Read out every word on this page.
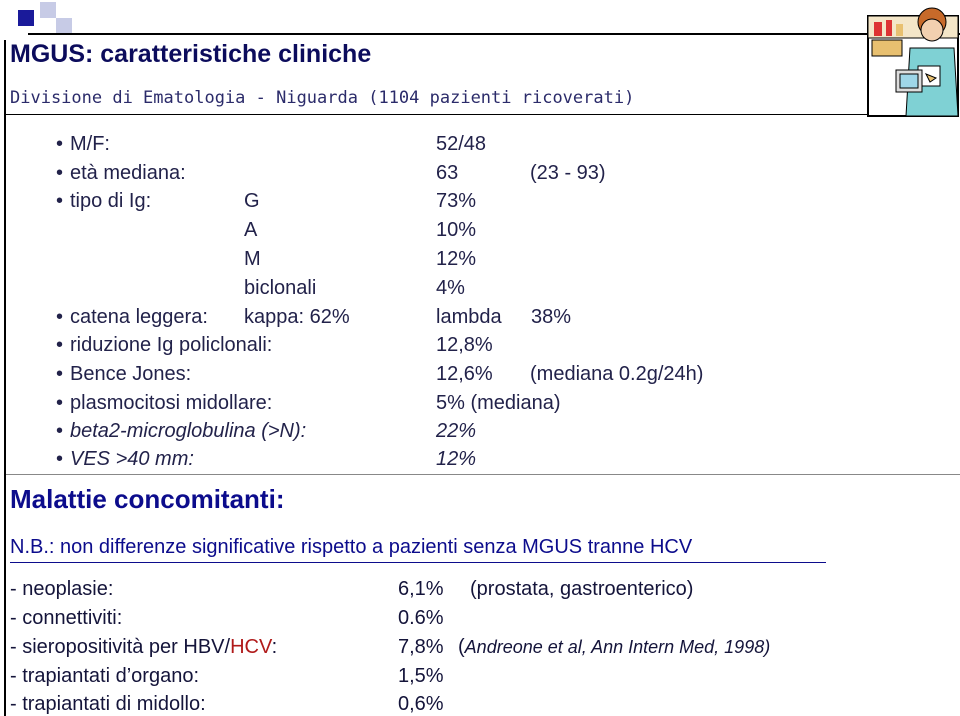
MGUS: caratteristiche cliniche
Divisione di Ematologia - Niguarda (1104 pazienti ricoverati)
• M/F:	52/48
• età mediana:	63	(23 - 93)
• tipo di Ig:	G	73%
A	10%
M	12%
biclonali	4%
• catena leggera: kappa: 62%	lambda 38%
• riduzione Ig policlonali:	12,8%
• Bence Jones:	12,6% (mediana 0.2g/24h)
• plasmocitosi midollare:	5% (mediana)
• beta2-microglobulina (>N):	22%
• VES >40 mm:	12%
Malattie concomitanti:
N.B.: non differenze significative rispetto a pazienti senza MGUS tranne HCV
- neoplasie:	6,1% (prostata, gastroenterico)
- connettiviti:	0.6%
- sieropositività per HBV/HCV:	7,8% (Andreone et al, Ann Intern Med, 1998)
- trapiantati d’organo:	1,5%
- trapiantati di midollo:	0,6%
